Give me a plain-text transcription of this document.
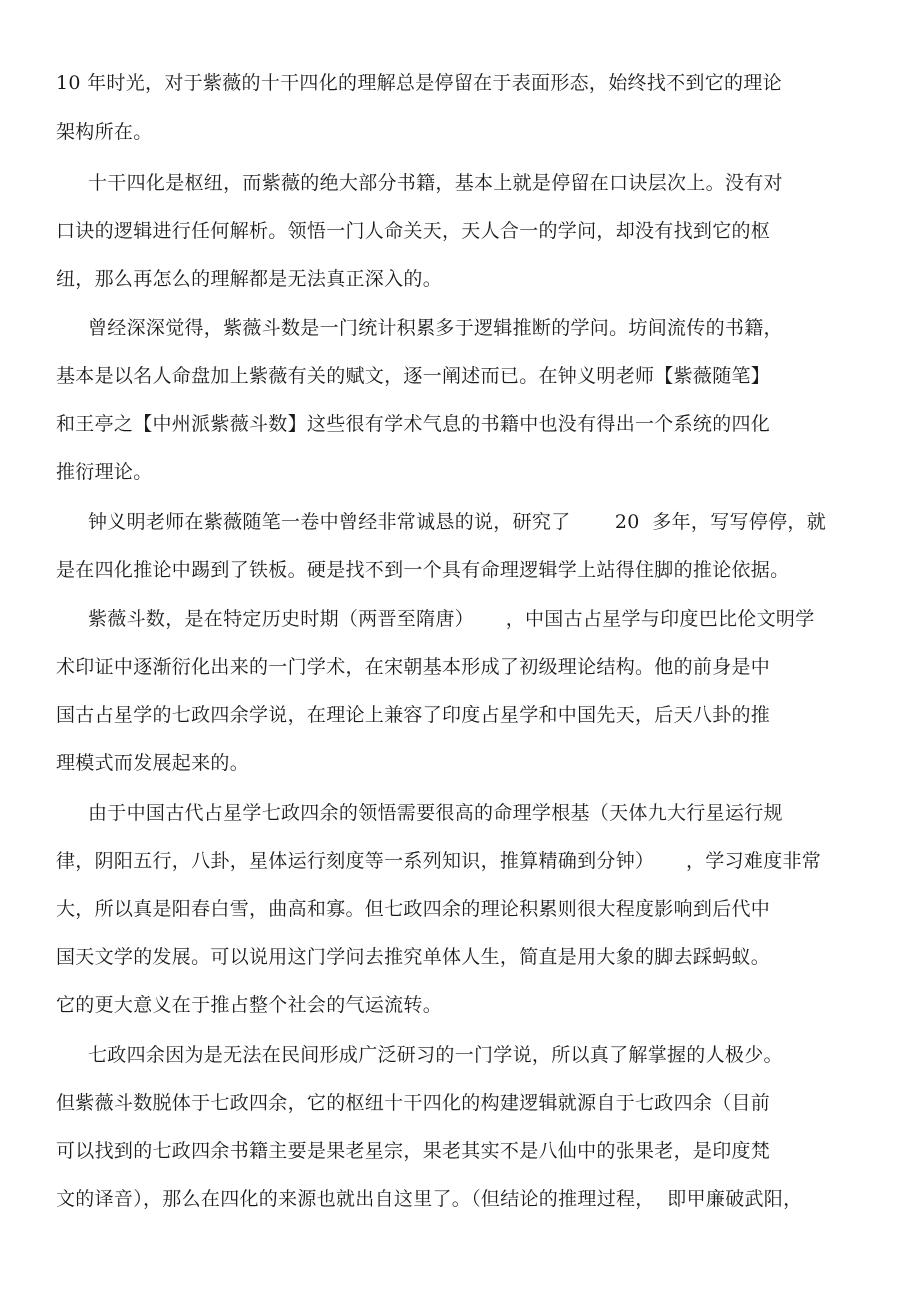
10 年时光，对于紫薇的十干四化的理解总是停留在于表面形态，始终找不到它的理论
架构所在。
十干四化是枢纽，而紫薇的绝大部分书籍，基本上就是停留在口诀层次上。没有对
口诀的逻辑进行任何解析。领悟一门人命关天，天人合一的学问，却没有找到它的枢
纽，那么再怎么的理解都是无法真正深入的。
曾经深深觉得，紫薇斗数是一门统计积累多于逻辑推断的学问。坊间流传的书籍，
基本是以名人命盘加上紫薇有关的赋文，逐一阐述而已。在钟义明老师【紫薇随笔】
和王亭之【中州派紫薇斗数】这些很有学术气息的书籍中也没有得出一个系统的四化
推衍理论。
钟义明老师在紫薇随笔一卷中曾经非常诚恳的说，研究了       20  多年，写写停停，就
是在四化推论中踢到了铁板。硬是找不到一个具有命理逻辑学上站得住脚的推论依据。
紫薇斗数，是在特定历史时期（两晋至隋唐）     ，中国古占星学与印度巴比伦文明学
术印证中逐渐衍化出来的一门学术，在宋朝基本形成了初级理论结构。他的前身是中
国古占星学的七政四余学说，在理论上兼容了印度占星学和中国先天，后天八卦的推
理模式而发展起来的。
由于中国古代占星学七政四余的领悟需要很高的命理学根基（天体九大行星运行规
律，阴阳五行，八卦，星体运行刻度等一系列知识，推算精确到分钟）     ，学习难度非常
大，所以真是阳春白雪，曲高和寡。但七政四余的理论积累则很大程度影响到后代中
国天文学的发展。可以说用这门学问去推究单体人生，简直是用大象的脚去踩蚂蚁。
它的更大意义在于推占整个社会的气运流转。
七政四余因为是无法在民间形成广泛研习的一门学说，所以真了解掌握的人极少。
但紫薇斗数脱体于七政四余，它的枢纽十干四化的构建逻辑就源自于七政四余（目前
可以找到的七政四余书籍主要是果老星宗，果老其实不是八仙中的张果老，是印度梵
文的译音），那么在四化的来源也就出自这里了。（但结论的推理过程，  即甲廉破武阳，
